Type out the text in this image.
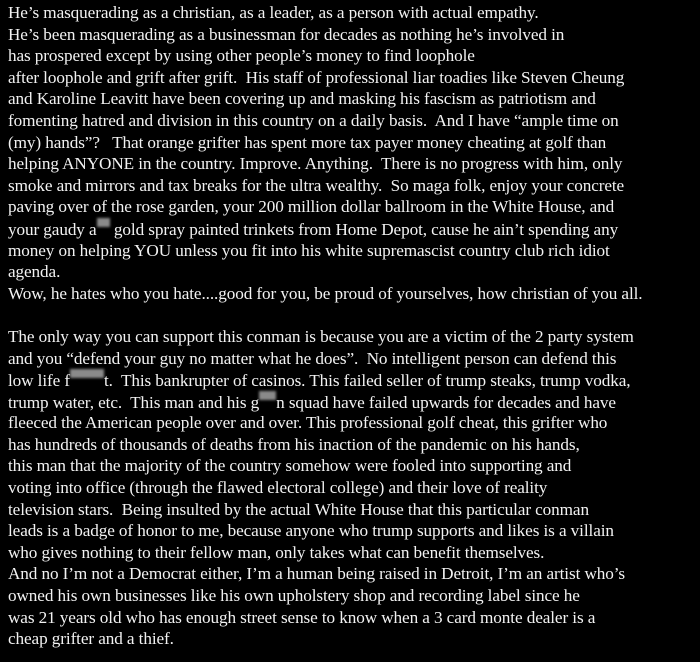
He’s masquerading as a christian, as a leader, as a person with actual empathy.
He’s been masquerading as a businessman for decades as nothing he’s involved in
has prospered except by using other people’s money to find loophole
after loophole and grift after grift.  His staff of professional liar toadies like Steven Cheung
and Karoline Leavitt have been covering up and masking his fascism as patriotism and
fomenting hatred and division in this country on a daily basis.  And I have “ample time on
(my) hands”?   That orange grifter has spent more tax payer money cheating at golf than
helping ANYONE in the country. Improve. Anything.  There is no progress with him, only
smoke and mirrors and tax breaks for the ultra wealthy.  So maga folk, enjoy your concrete
paving over of the rose garden, your 200 million dollar ballroom in the White House, and
your gaudy a gold spray painted trinkets from Home Depot, cause he ain’t spending any
money on helping YOU unless you fit into his white supremascist country club rich idiot
agenda.
Wow, he hates who you hate....good for you, be proud of yourselves, how christian of you all.
The only way you can support this conman is because you are a victim of the 2 party system
and you “defend your guy no matter what he does”.  No intelligent person can defend this
low life f t.  This bankrupter of casinos. This failed seller of trump steaks, trump vodka,
trump water, etc.  This man and his g n squad have failed upwards for decades and have
fleeced the American people over and over. This professional golf cheat, this grifter who
has hundreds of thousands of deaths from his inaction of the pandemic on his hands,
this man that the majority of the country somehow were fooled into supporting and
voting into office (through the flawed electoral college) and their love of reality
television stars.  Being insulted by the actual White House that this particular conman
leads is a badge of honor to me, because anyone who trump supports and likes is a villain
who gives nothing to their fellow man, only takes what can benefit themselves.
And no I’m not a Democrat either, I’m a human being raised in Detroit, I’m an artist who’s
owned his own businesses like his own upholstery shop and recording label since he
was 21 years old who has enough street sense to know when a 3 card monte dealer is a
cheap grifter and a thief.
